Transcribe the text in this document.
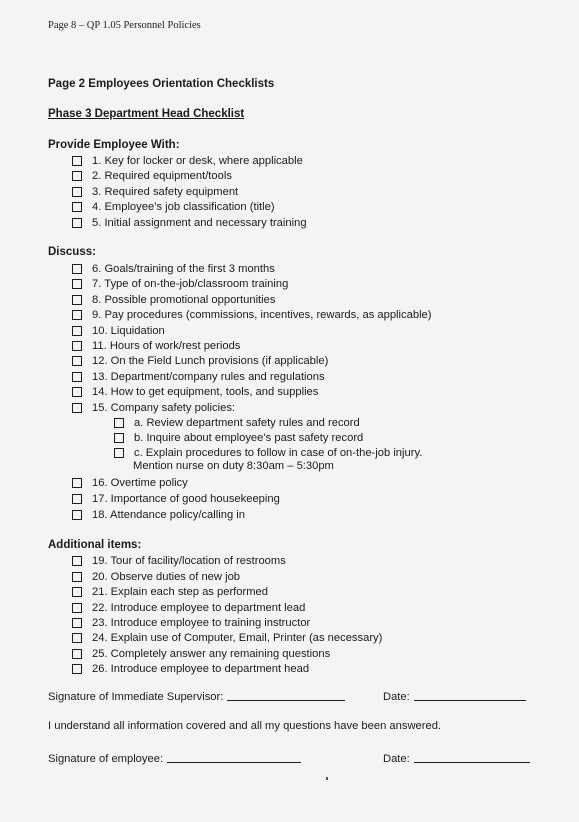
Page 8 – QP 1.05 Personnel Policies
Page 2 Employees Orientation Checklists
Phase 3 Department Head Checklist
Provide Employee With:
1. Key for locker or desk, where applicable
2. Required equipment/tools
3. Required safety equipment
4. Employee’s job classification (title)
5. Initial assignment and necessary training
Discuss:
6. Goals/training of the first 3 months
7. Type of on-the-job/classroom training
8. Possible promotional opportunities
9. Pay procedures (commissions, incentives, rewards, as applicable)
10. Liquidation
11. Hours of work/rest periods
12. On the Field Lunch provisions (if applicable)
13. Department/company rules and regulations
14. How to get equipment, tools, and supplies
15. Company safety policies:
a. Review department safety rules and record
b. Inquire about employee’s past safety record
c. Explain procedures to follow in case of on-the-job injury.
Mention nurse on duty 8:30am – 5:30pm
16. Overtime policy
17. Importance of good housekeeping
18. Attendance policy/calling in
Additional items:
19. Tour of facility/location of restrooms
20. Observe duties of new job
21. Explain each step as performed
22. Introduce employee to department lead
23. Introduce employee to training instructor
24. Explain use of Computer, Email, Printer (as necessary)
25. Completely answer any remaining questions
26. Introduce employee to department head
Signature of Immediate Supervisor:	Date:
I understand all information covered and all my questions have been answered.
Signature of employee:	Date:
